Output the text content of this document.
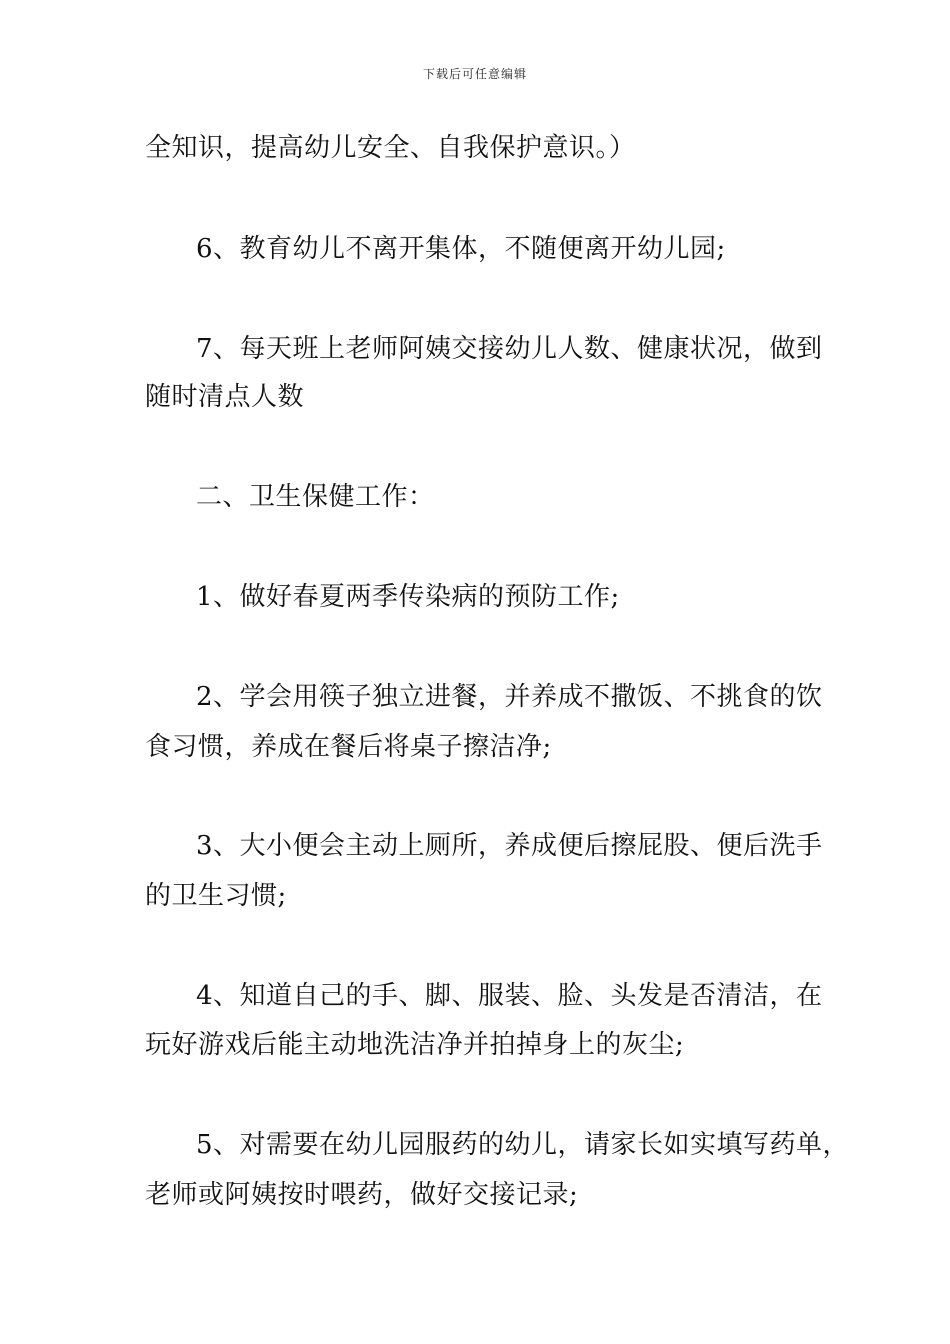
下载后可任意编辑
全知识，提高幼儿安全、自我保护意识。）
6、教育幼儿不离开集体，不随便离开幼儿园;
7、每天班上老师阿姨交接幼儿人数、健康状况，做到
随时清点人数
二、卫生保健工作：
1、做好春夏两季传染病的预防工作;
2、学会用筷子独立进餐，并养成不撒饭、不挑食的饮
食习惯，养成在餐后将桌子擦洁净;
3、大小便会主动上厕所，养成便后擦屁股、便后洗手
的卫生习惯;
4、知道自己的手、脚、服装、脸、头发是否清洁，在
玩好游戏后能主动地洗洁净并拍掉身上的灰尘;
5、对需要在幼儿园服药的幼儿，请家长如实填写药单，
老师或阿姨按时喂药，做好交接记录;
